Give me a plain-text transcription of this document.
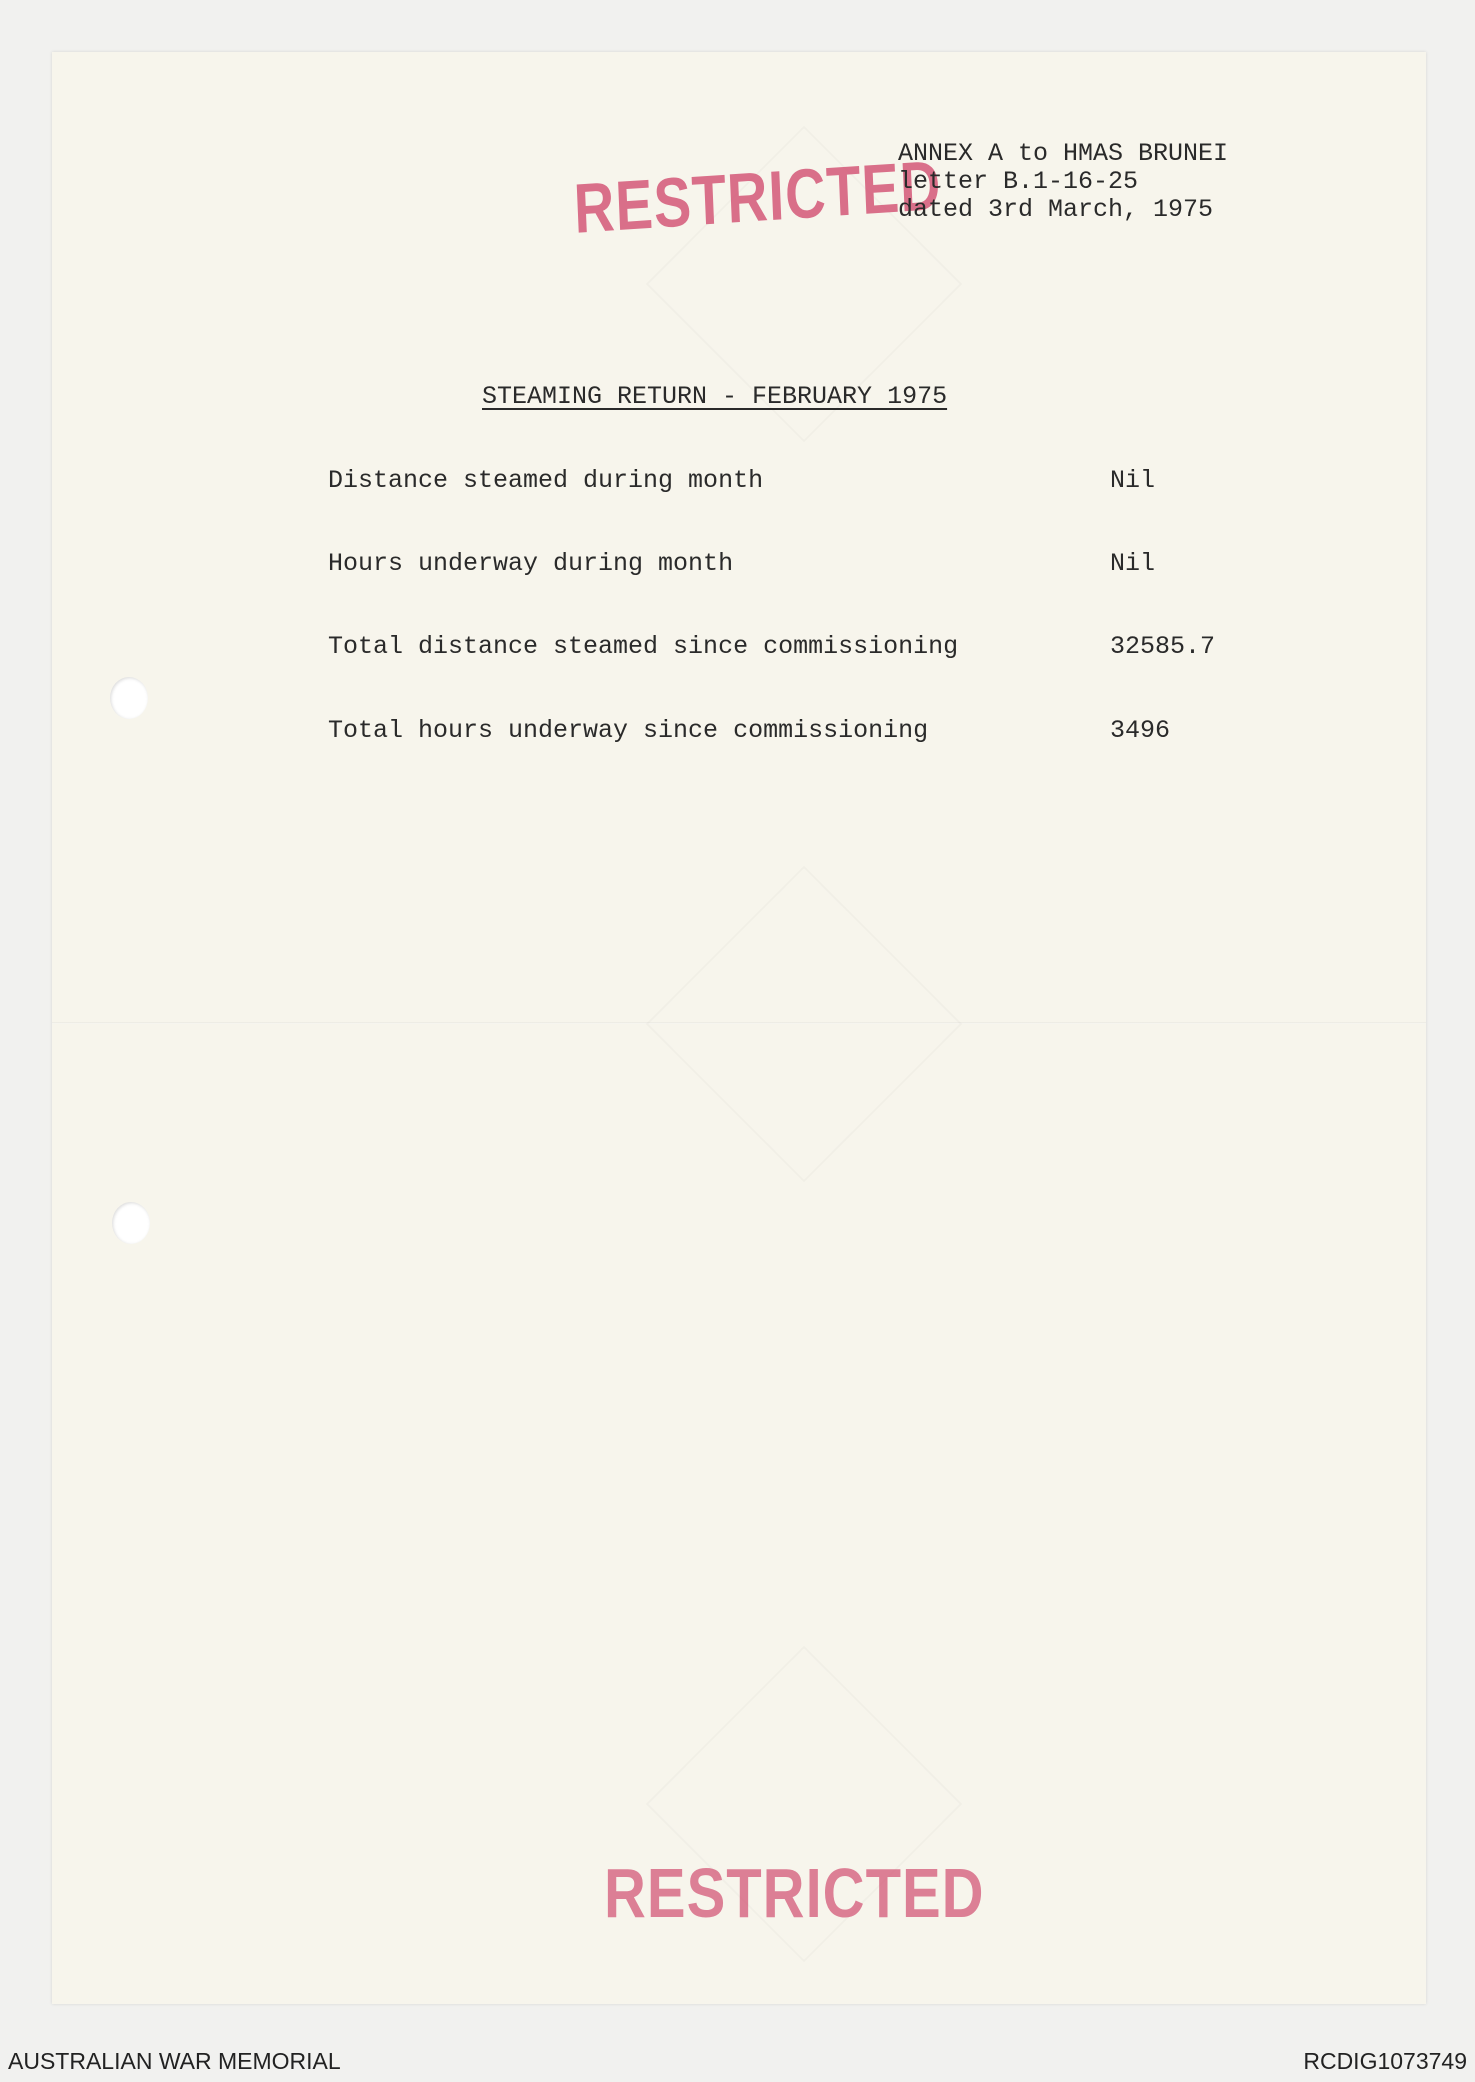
RESTRICTED
ANNEX A to HMAS BRUNEI
letter B.1-16-25
dated 3rd March, 1975
STEAMING RETURN - FEBRUARY 1975
Distance steamed during month	Nil
Hours underway during month	Nil
Total distance steamed since commissioning	32585.7
Total hours underway since commissioning	3496
RESTRICTED
AUSTRALIAN WAR MEMORIAL	RCDIG1073749
